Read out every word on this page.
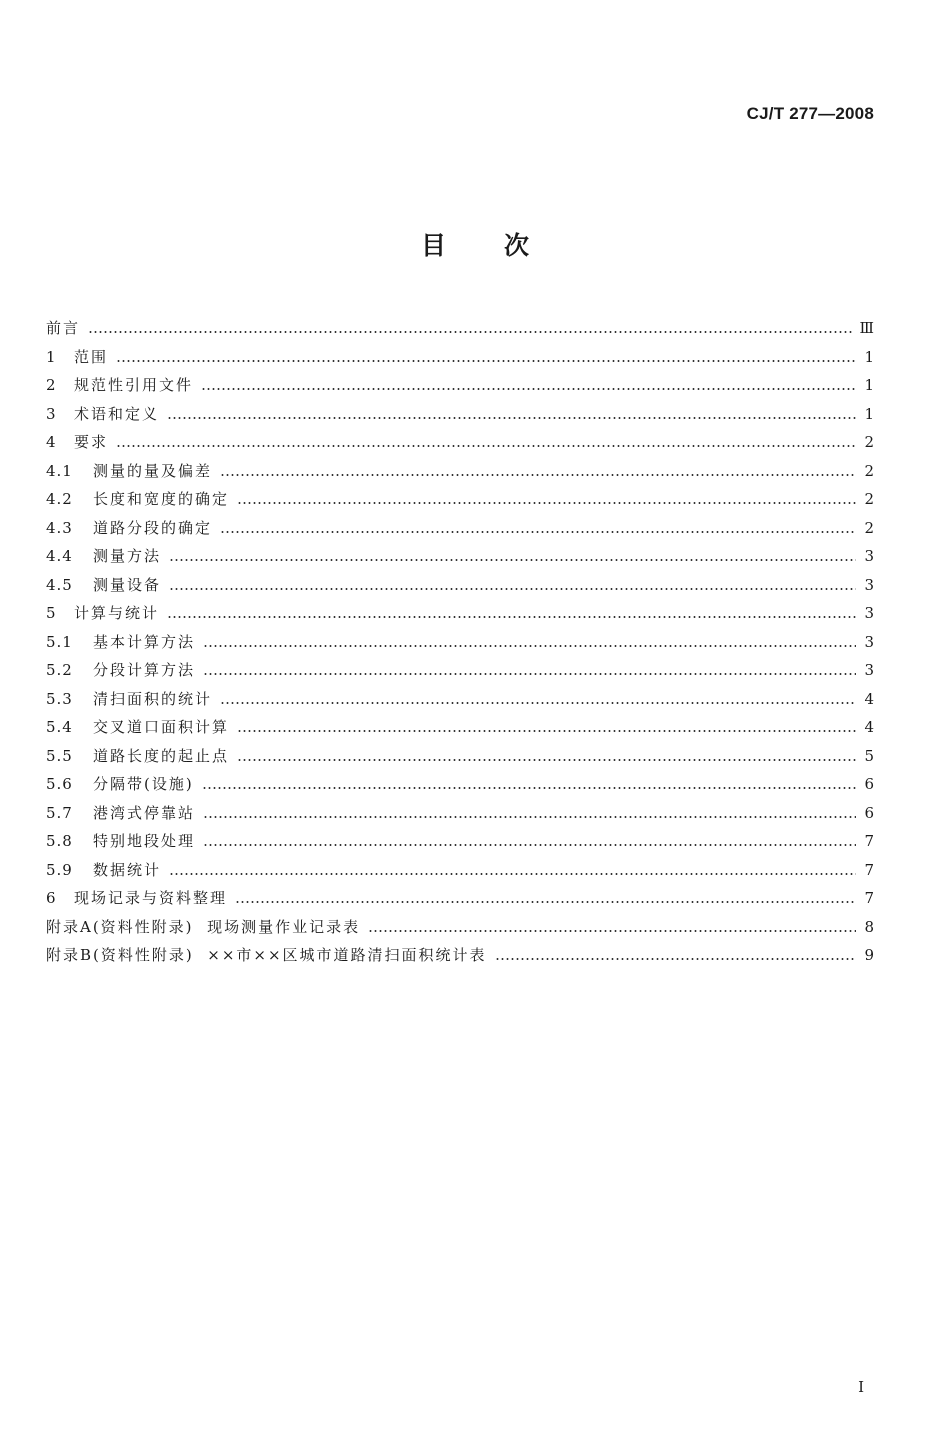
CJ/T 277—2008
目次
前言	Ⅲ
1	范围	1
2	规范性引用文件	1
3	术语和定义	1
4	要求	2
4.1	测量的量及偏差	2
4.2	长度和宽度的确定	2
4.3	道路分段的确定	2
4.4	测量方法	3
4.5	测量设备	3
5	计算与统计	3
5.1	基本计算方法	3
5.2	分段计算方法	3
5.3	清扫面积的统计	4
5.4	交叉道口面积计算	4
5.5	道路长度的起止点	5
5.6	分隔带(设施)	6
5.7	港湾式停靠站	6
5.8	特别地段处理	7
5.9	数据统计	7
6	现场记录与资料整理	7
附录A(资料性附录)  现场测量作业记录表	8
附录B(资料性附录)  ××市××区城市道路清扫面积统计表	9
I
